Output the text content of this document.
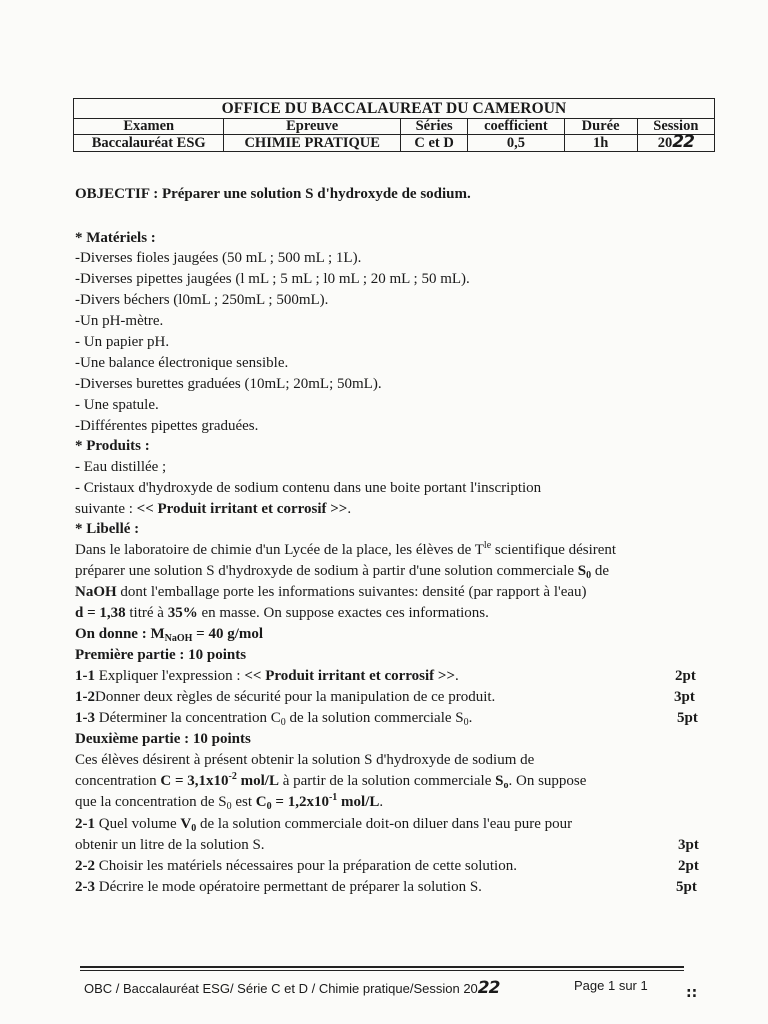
OFFICE DU BACCALAUREAT DU CAMEROUN					
Examen	Epreuve	Séries	coefficient	Durée	Session
Baccalauréat ESG	CHIMIE PRATIQUE	C et D	0,5	1h	2022
OBJECTIF : Préparer une solution S d'hydroxyde de sodium.
* Matériels :
-Diverses fioles jaugées (50 mL ; 500 mL ; 1L).
-Diverses pipettes jaugées (l mL ; 5 mL ; l0 mL ; 20 mL ; 50 mL).
-Divers béchers (l0mL ; 250mL ; 500mL).
-Un pH-mètre.
- Un papier pH.
-Une balance électronique sensible.
-Diverses burettes graduées (10mL; 20mL; 50mL).
- Une spatule.
-Différentes pipettes graduées.
* Produits :
- Eau distillée ;
- Cristaux d'hydroxyde de sodium contenu dans une boite portant l'inscription
suivante : << Produit irritant et corrosif >>.
* Libellé :
Dans le laboratoire de chimie d'un Lycée de la place, les élèves de $T^{le}$ scientifique désirent
préparer une solution S d'hydroxyde de sodium à partir d'une solution commerciale $S_0$ de
NaOH dont l'emballage porte les informations suivantes: densité (par rapport à l'eau)
d = 1,38 titré à 35% en masse. On suppose exactes ces informations.
On donne : $M_{NaOH} = 40$ g/mol
Première partie : 10 points
1-1 Expliquer l'expression : << Produit irritant et corrosif >>.	2pt
1-2Donner deux règles de sécurité pour la manipulation de ce produit.	3pt
1-3 Déterminer la concentration $C_0$ de la solution commerciale $S_0$.	5pt
Deuxième partie : 10 points
Ces élèves désirent à présent obtenir la solution S d'hydroxyde de sodium de
concentration $C = 3,1x10^{-2}$ mol/L à partir de la solution commerciale $S_o$. On suppose
que la concentration de $S_0$ est $C_0 = 1,2x10^{-1}$ mol/L.
2-1 Quel volume $V_0$ de la solution commerciale doit-on diluer dans l'eau pure pour
obtenir un litre de la solution S.	3pt
2-2 Choisir les matériels nécessaires pour la préparation de cette solution.	2pt
2-3 Décrire le mode opératoire permettant de préparer la solution S.	5pt
OBC / Baccalauréat ESG/ Série C et D / Chimie pratique/Session 2022	Page 1 sur 1	::
